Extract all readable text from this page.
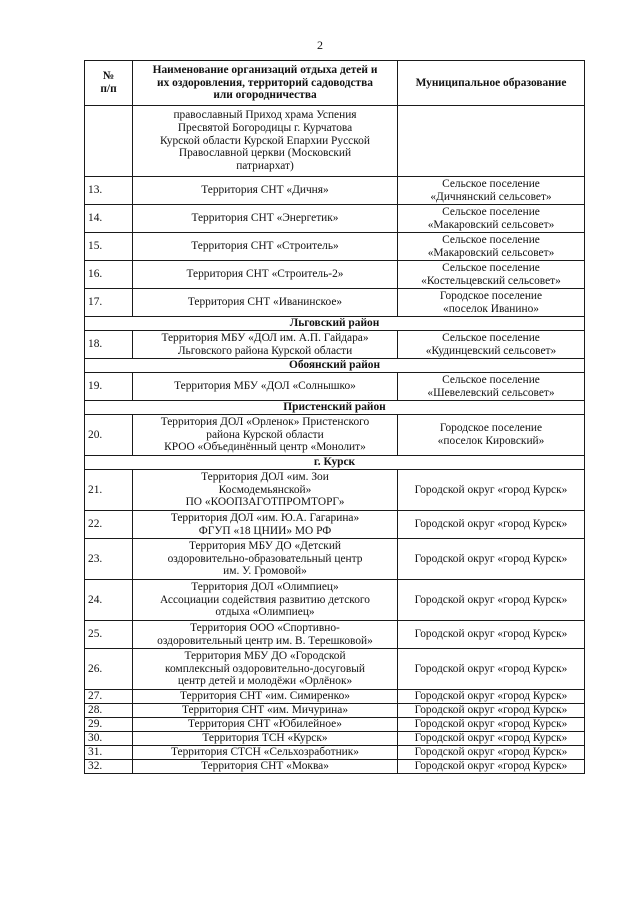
2
№
п/п	Наименование организаций отдыха детей и
их оздоровления, территорий садоводства
или огородничества	Муниципальное образование
	православный Приход храма Успения
Пресвятой Богородицы г. Курчатова
Курской области Курской Епархии Русской
Православной церкви (Московский
патриархат)	
13.	Территория СНТ «Дичня»	Сельское поселение
«Дичнянский сельсовет»
14.	Территория СНТ «Энергетик»	Сельское поселение
«Макаровский сельсовет»
15.	Территория СНТ «Строитель»	Сельское поселение
«Макаровский сельсовет»
16.	Территория СНТ «Строитель-2»	Сельское поселение
«Костельцевский сельсовет»
17.	Территория СНТ «Иванинское»	Городское поселение
«поселок Иванино»
Льговский район		
18.	Территория МБУ «ДОЛ им. А.П. Гайдара»
Льговского района Курской области	Сельское поселение
«Кудинцевский сельсовет»
Обоянский район		
19.	Территория МБУ «ДОЛ «Солнышко»	Сельское поселение
«Шевелевский сельсовет»
Пристенский район		
20.	Территория ДОЛ «Орленок» Пристенского
района Курской области
КРОО «Объединённый центр «Монолит»	Городское поселение
«поселок Кировский»
г. Курск		
21.	Территория ДОЛ «им. Зои
Космодемьянской»
ПО «КООПЗАГОТПРОМТОРГ»	Городской округ «город Курск»
22.	Территория ДОЛ «им. Ю.А. Гагарина»
ФГУП «18 ЦНИИ» МО РФ	Городской округ «город Курск»
23.	Территория МБУ ДО «Детский
оздоровительно-образовательный центр
им. У. Громовой»	Городской округ «город Курск»
24.	Территория ДОЛ «Олимпиец»
Ассоциации содействия развитию детского
отдыха «Олимпиец»	Городской округ «город Курск»
25.	Территория ООО «Спортивно-
оздоровительный центр им. В. Терешковой»	Городской округ «город Курск»
26.	Территория МБУ ДО «Городской
комплексный оздоровительно-досуговый
центр детей и молодёжи «Орлёнок»	Городской округ «город Курск»
27.	Территория СНТ «им. Симиренко»	Городской округ «город Курск»
28.	Территория СНТ «им. Мичурина»	Городской округ «город Курск»
29.	Территория СНТ «Юбилейное»	Городской округ «город Курск»
30.	Территория ТСН «Курск»	Городской округ «город Курск»
31.	Территория СТСН «Сельхозработник»	Городской округ «город Курск»
32.	Территория СНТ «Моква»	Городской округ «город Курск»
